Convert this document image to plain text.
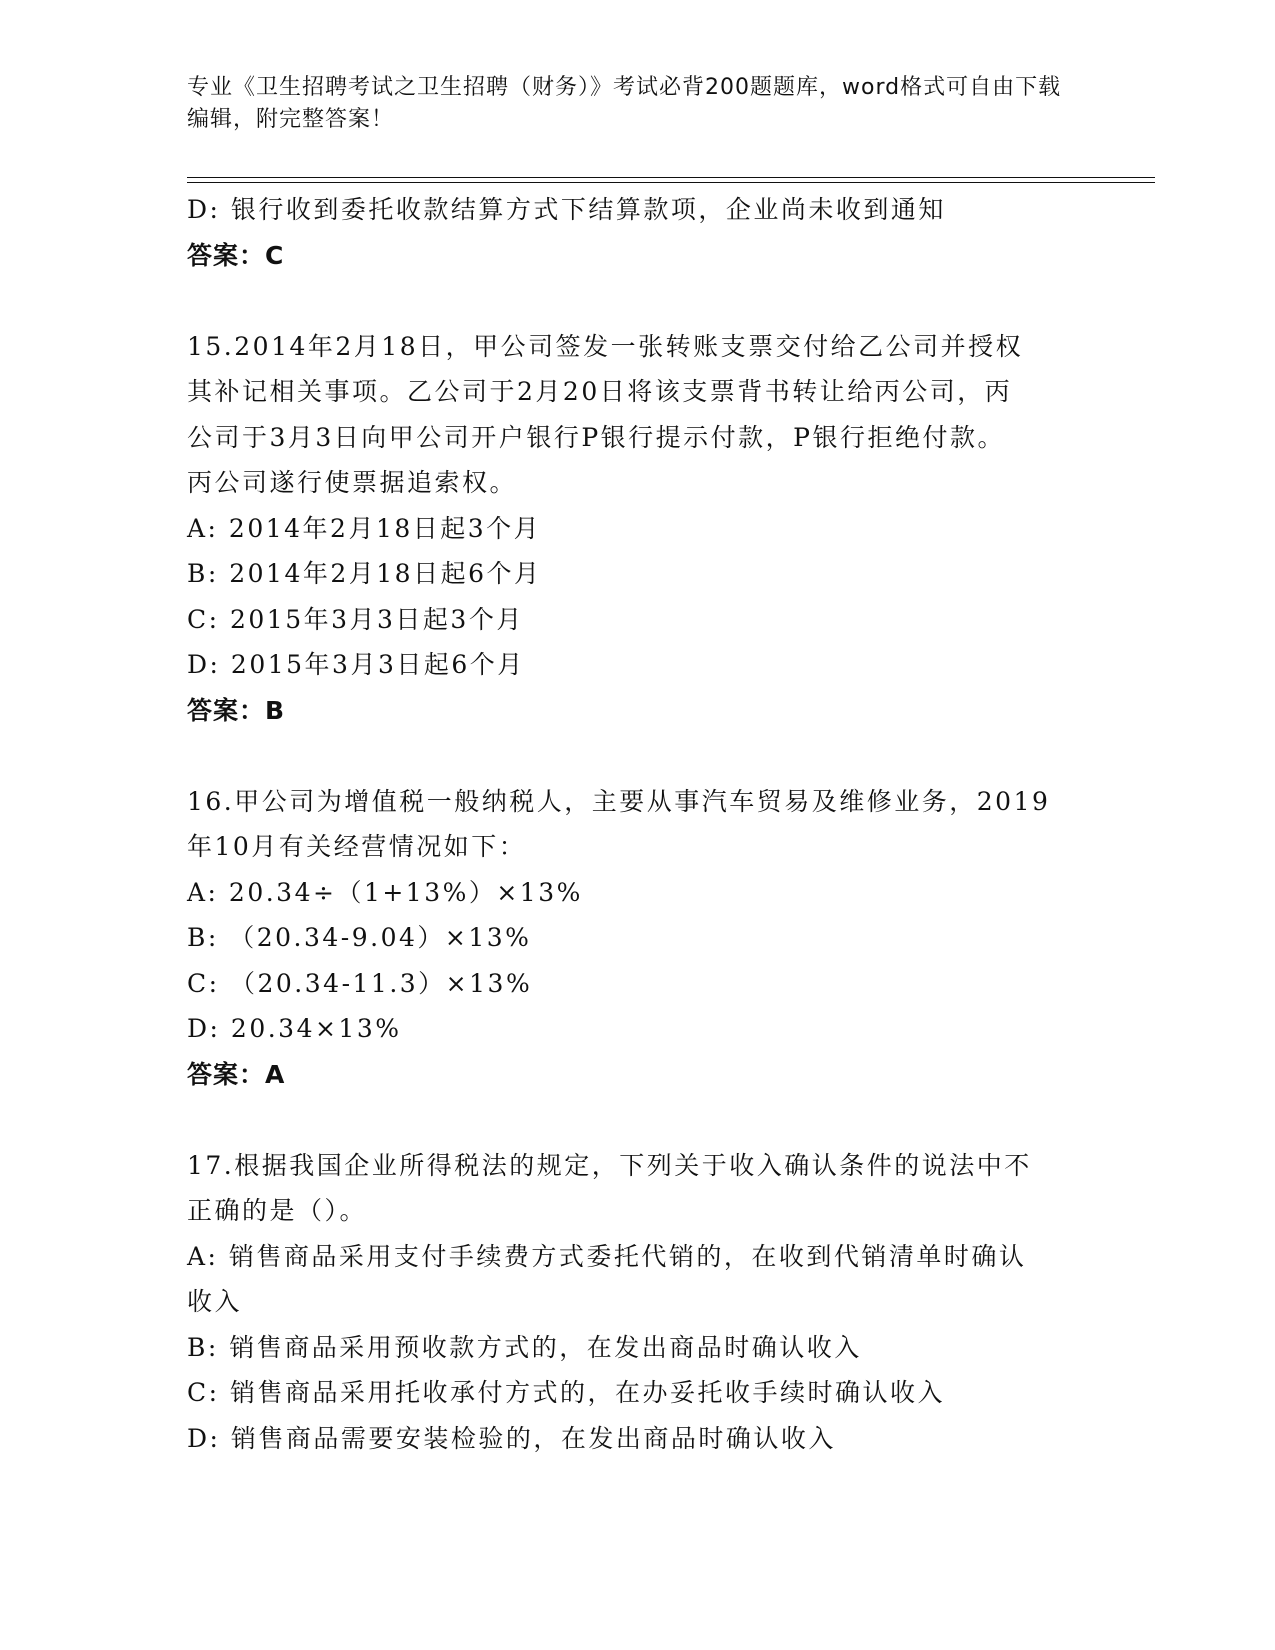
专业《卫生招聘考试之卫生招聘（财务）》考试必背200题题库，word格式可自由下载编辑，附完整答案！
D: 银行收到委托收款结算方式下结算款项，企业尚未收到通知
答案：C
15.2014年2月18日，甲公司签发一张转账支票交付给乙公司并授权
其补记相关事项。乙公司于2月20日将该支票背书转让给丙公司，丙
公司于3月3日向甲公司开户银行P银行提示付款，P银行拒绝付款。
丙公司遂行使票据追索权。
A: 2014年2月18日起3个月
B: 2014年2月18日起6个月
C: 2015年3月3日起3个月
D: 2015年3月3日起6个月
答案：B
16.甲公司为增值税一般纳税人，主要从事汽车贸易及维修业务，2019
年10月有关经营情况如下：
A: 20.34÷（1+13%）×13%
B: （20.34-9.04）×13%
C: （20.34-11.3）×13%
D: 20.34×13%
答案：A
17.根据我国企业所得税法的规定，下列关于收入确认条件的说法中不
正确的是（）。
A: 销售商品采用支付手续费方式委托代销的，在收到代销清单时确认
收入
B: 销售商品采用预收款方式的，在发出商品时确认收入
C: 销售商品采用托收承付方式的，在办妥托收手续时确认收入
D: 销售商品需要安装检验的，在发出商品时确认收入
